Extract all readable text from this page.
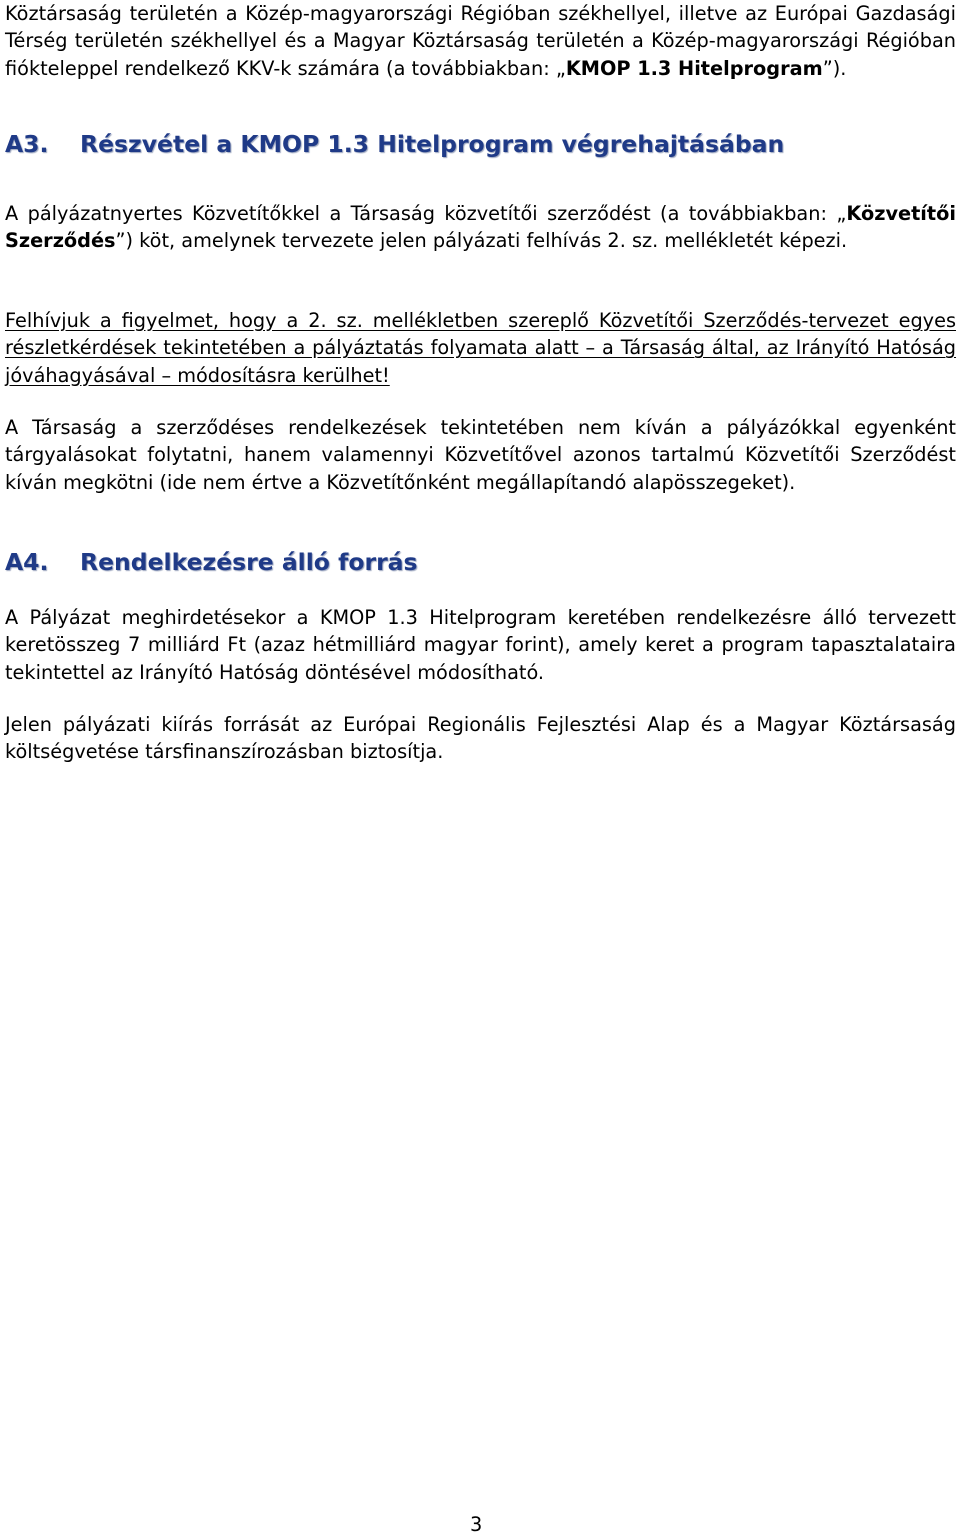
Köztársaság területén a Közép-magyarországi Régióban székhellyel, illetve az Európai Gazdasági Térség területén székhellyel és a Magyar Köztársaság területén a Közép-magyarországi Régióban fiókteleppel rendelkező KKV-k számára (a továbbiakban: „KMOP 1.3 Hitelprogram”).

A3. Részvétel a KMOP 1.3 Hitelprogram végrehajtásában

A pályázatnyertes Közvetítőkkel a Társaság közvetítői szerződést (a továbbiakban: „Közvetítői Szerződés”) köt, amelynek tervezete jelen pályázati felhívás 2. sz. mellékletét képezi.

Felhívjuk a figyelmet, hogy a 2. sz. mellékletben szereplő Közvetítői Szerződés-tervezet egyes részletkérdések tekintetében a pályáztatás folyamata alatt – a Társaság által, az Irányító Hatóság jóváhagyásával – módosításra kerülhet!

A Társaság a szerződéses rendelkezések tekintetében nem kíván a pályázókkal egyenként tárgyalásokat folytatni, hanem valamennyi Közvetítővel azonos tartalmú Közvetítői Szerződést kíván megkötni (ide nem értve a Közvetítőnként megállapítandó alapösszegeket).

A4. Rendelkezésre álló forrás

A Pályázat meghirdetésekor a KMOP 1.3 Hitelprogram keretében rendelkezésre álló tervezett keretösszeg 7 milliárd Ft (azaz hétmilliárd magyar forint), amely keret a program tapasztalataira tekintettel az Irányító Hatóság döntésével módosítható.

Jelen pályázati kiírás forrását az Európai Regionális Fejlesztési Alap és a Magyar Köztársaság költségvetése társfinanszírozásban biztosítja.

3
